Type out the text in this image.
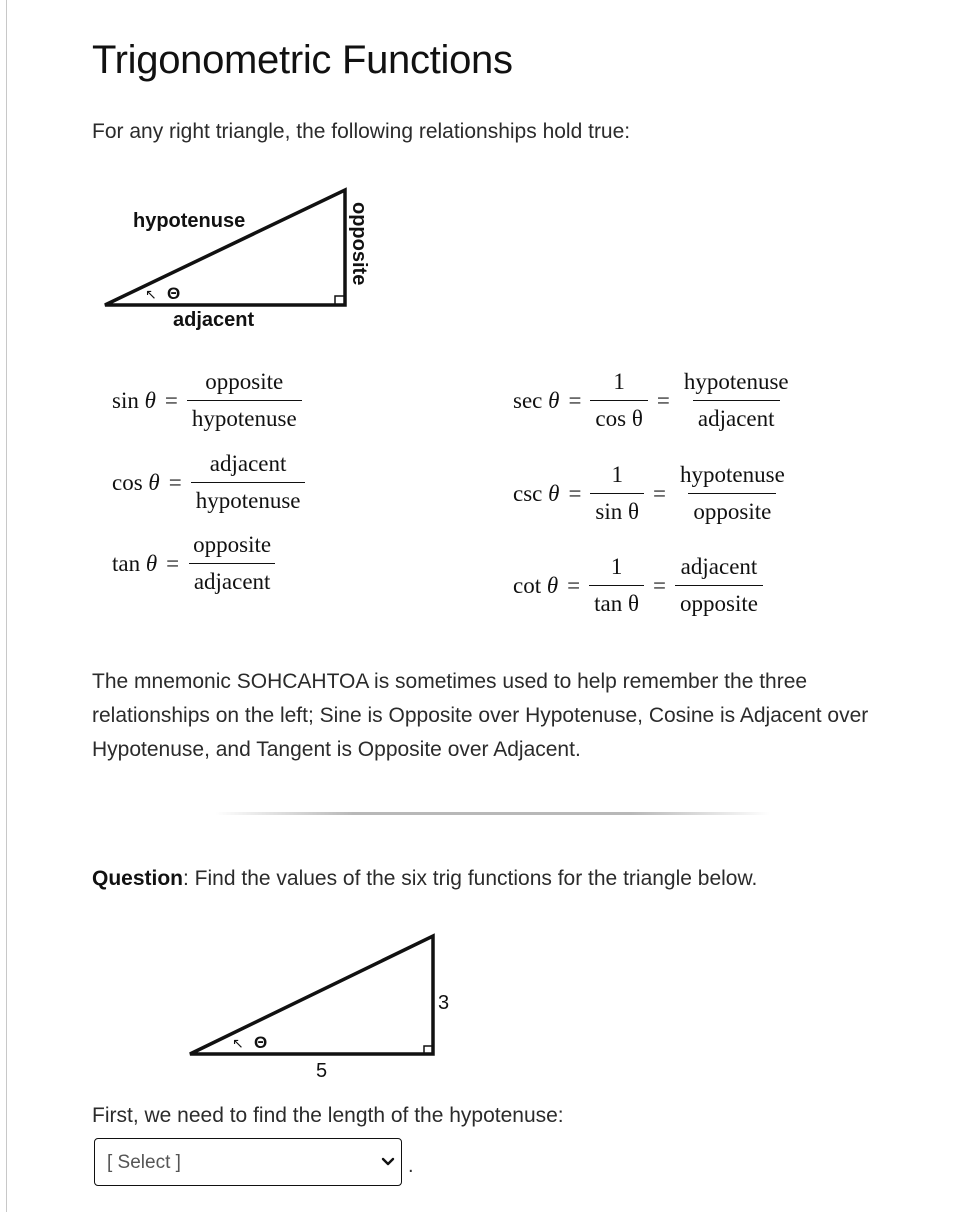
Trigonometric Functions
For any right triangle, the following relationships hold true:
hypotenuse	opposite
adjacent
↖ Θ
$\sin \theta = \frac{\text{opposite}}{\text{hypotenuse}}$
$\cos \theta = \frac{\text{adjacent}}{\text{hypotenuse}}$
$\tan \theta = \frac{\text{opposite}}{\text{adjacent}}$
$\sec \theta = \frac{1}{\text{cos θ}} = \frac{\text{hypotenuse}}{\text{adjacent}}$
$\csc \theta = \frac{1}{\text{sin θ}} = \frac{\text{hypotenuse}}{\text{opposite}}$
$\cot \theta = \frac{1}{\text{tan θ}} = \frac{\text{adjacent}}{\text{opposite}}$
The mnemonic SOHCAHTOA is sometimes used to help remember the three relationships on the left; Sine is Opposite over Hypotenuse, Cosine is Adjacent over Hypotenuse, and Tangent is Opposite over Adjacent.
Question: Find the values of the six trig functions for the triangle below.
3
5
↖ Θ
First, we need to find the length of the hypotenuse:
[ Select ]
.
